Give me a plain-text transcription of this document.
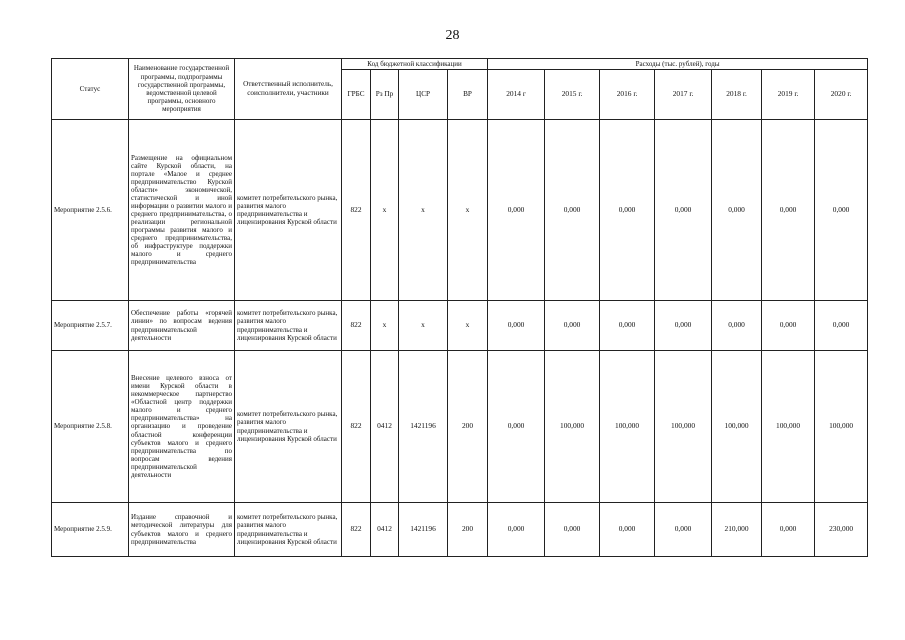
28
Статус	Наименование государственной программы, подпрограммы государственной программы, ведомственной целевой программы, основного мероприятия	Ответственный исполнитель, соисполнители, участники	Код бюджетной классификации				Расходы (тыс. рублей), годы						
			ГРБС	Рз Пр	ЦСР	ВР	2014 г	2015 г.	2016 г.	2017 г.	2018 г.	2019 г.	2020 г.
Мероприятие 2.5.6.	Размещение на официальном сайте Курской области, на портале «Малое и среднее предпринимательство Курской области» экономической, статистической и иной информации о развитии малого и среднего предпринимательства, о реализации региональной программы развития малого и среднего предпринимательства, об инфраструктуре поддержки малого и среднего предпринимательства	комитет потребительского рынка, развития малого предпринимательства и лицензирования Курской области	822	х	х	х	0,000	0,000	0,000	0,000	0,000	0,000	0,000
Мероприятие 2.5.7.	Обеспечение работы «горячей линии» по вопросам ведения предпринимательской деятельности	комитет потребительского рынка, развития малого предпринимательства и лицензирования Курской области	822	х	х	х	0,000	0,000	0,000	0,000	0,000	0,000	0,000
Мероприятие 2.5.8.	Внесение целевого взноса от имени Курской области в некоммерческое партнерство «Областной центр поддержки малого и среднего предпринимательства» на организацию и проведение областной конференции субъектов малого и среднего предпринимательства по вопросам ведения предпринимательской деятельности	комитет потребительского рынка, развития малого предпринимательства и лицензирования Курской области	822	0412	1421196	200	0,000	100,000	100,000	100,000	100,000	100,000	100,000
Мероприятие 2.5.9.	Издание справочной и методической литературы для субъектов малого и среднего предпринимательства	комитет потребительского рынка, развития малого предпринимательства и лицензирования Курской области	822	0412	1421196	200	0,000	0,000	0,000	0,000	210,000	0,000	230,000
